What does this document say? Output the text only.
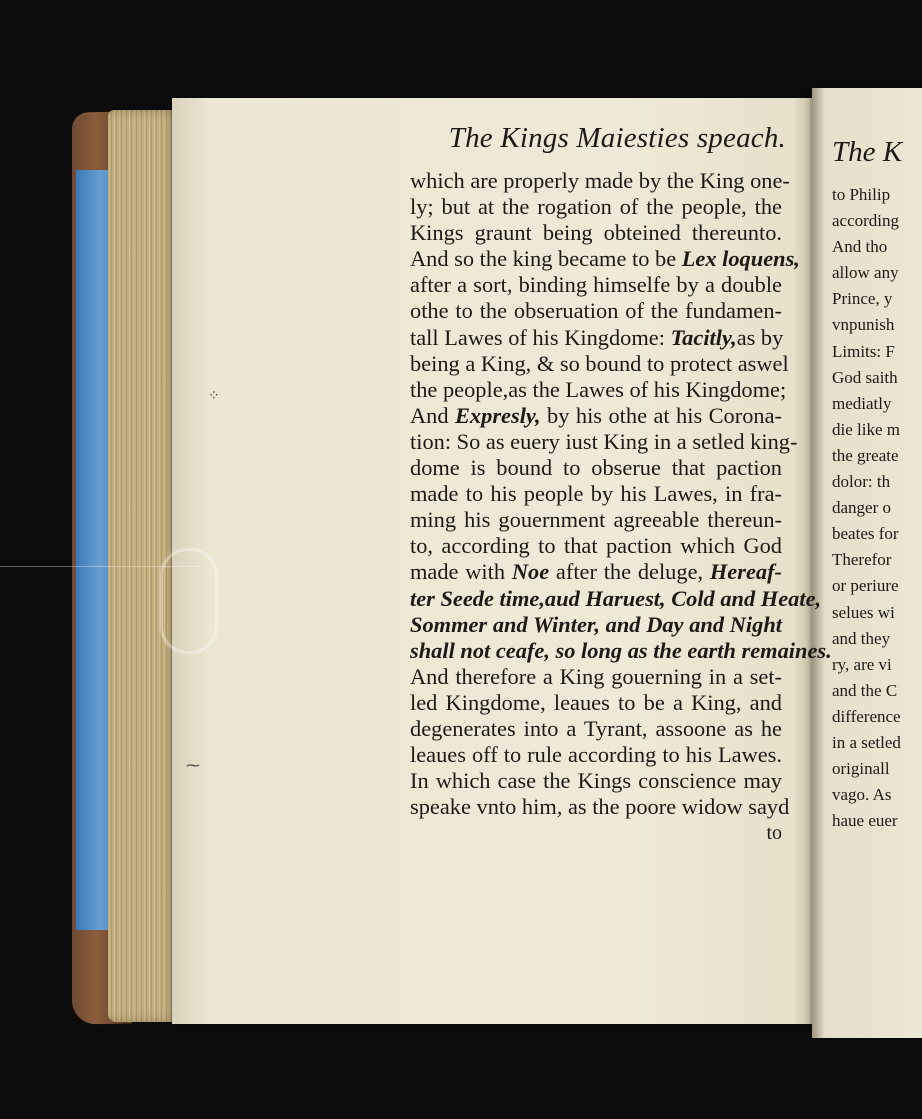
⁘
⁓
The Kings Maiesties speach.
which are properly made by the King one-
ly; but at the rogation of the people, the
Kings graunt being obteined thereunto.
And so the king became to be Lex loquens,
after a sort, binding himselfe by a double
othe to the obseruation of the fundamen-
tall Lawes of his Kingdome: Tacitly,as by
being a King, & so bound to protect aswel
the people,as the Lawes of his Kingdome;
And Expresly, by his othe at his Corona-
tion: So as euery iust King in a setled king-
dome is bound to obserue that paction
made to his people by his Lawes, in fra-
ming his gouernment agreeable thereun-
to, according to that paction which God
made with Noe after the deluge, Hereaf-
ter Seede time,aud Haruest, Cold and Heate,
Sommer and Winter, and Day and Night
shall not ceafe, so long as the earth remaines.
And therefore a King gouerning in a set-
led Kingdome, leaues to be a King, and
degenerates into a Tyrant, assoone as he
leaues off to rule according to his Lawes.
In which case the Kings conscience may
speake vnto him, as the poore widow sayd
to
The K
to Philip
according
And tho
allow any
Prince, y
vnpunish
Limits: F
God saith
mediatly
die like m
the greate
dolor: th
danger o
beates for
Therefor
or periure
selues wi
and they
ry, are vi
and the C
difference
in a setled
originall
vago. As
haue euer
